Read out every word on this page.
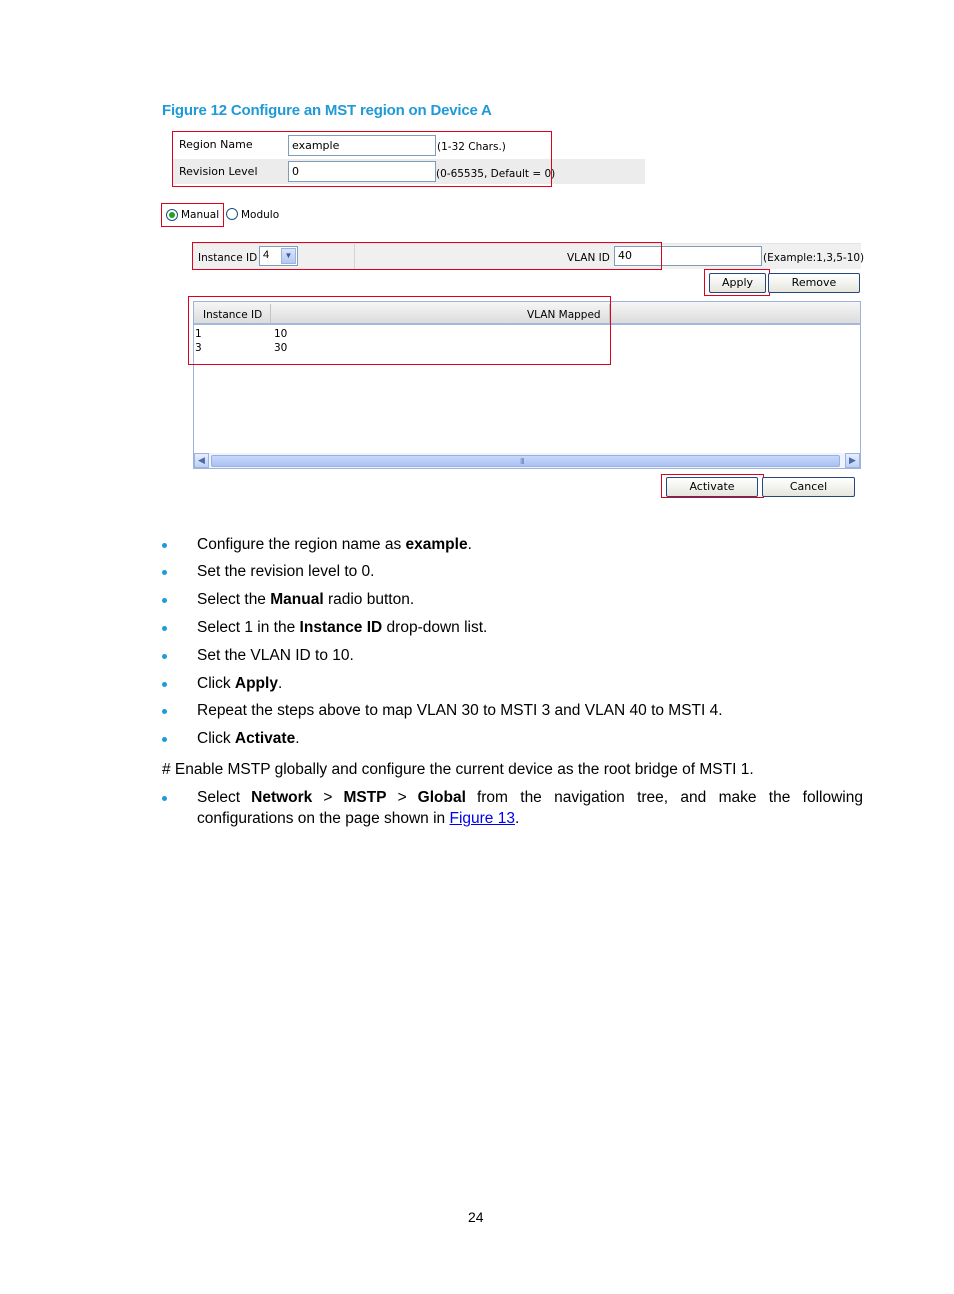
Figure 12 Configure an MST region on Device A
Region Name	example	(1-32 Chars.)
Revision Level	0	(0-65535, Default = 0)
Manual Modulo
Instance ID 4	▼	VLAN ID 40	(Example:1,3,5-10)
Apply	Remove
Instance ID	VLAN Mapped
1	10
3	30
◀	III	▶
Activate	Cancel
Configure the region name as example.
Set the revision level to 0.
Select the Manual radio button.
Select 1 in the Instance ID drop-down list.
Set the VLAN ID to 10.
Click Apply.
Repeat the steps above to map VLAN 30 to MSTI 3 and VLAN 40 to MSTI 4.
Click Activate.
# Enable MSTP globally and configure the current device as the root bridge of MSTI 1.
Select Network > MSTP > Global from the navigation tree, and make the following
configurations on the page shown in Figure 13.
24
